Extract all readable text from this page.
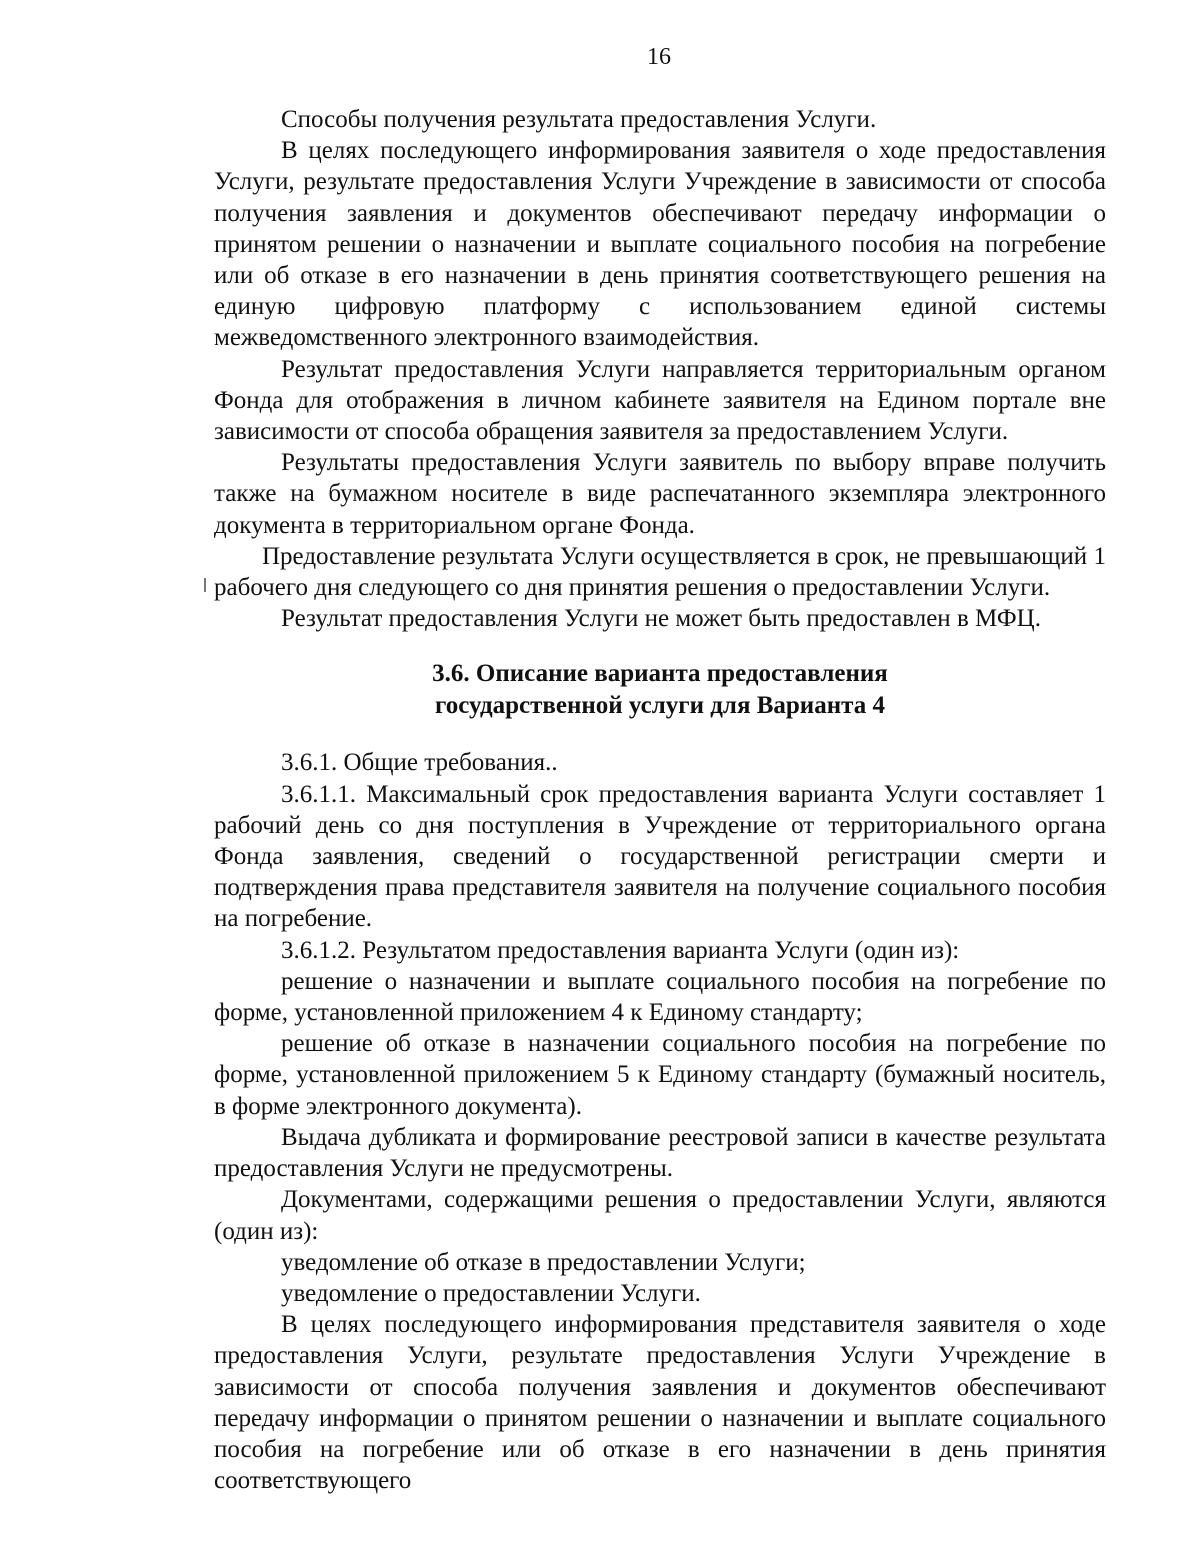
16

Способы получения результата предоставления Услуги.

В целях последующего информирования заявителя о ходе предоставления Услуги, результате предоставления Услуги Учреждение в зависимости от способа получения заявления и документов обеспечивают передачу информации о принятом решении о назначении и выплате социального пособия на погребение или об отказе в его назначении в день принятия соответствующего решения на единую цифровую платформу с использованием единой системы межведомственного электронного взаимодействия.

Результат предоставления Услуги направляется территориальным органом Фонда для отображения в личном кабинете заявителя на Едином портале вне зависимости от способа обращения заявителя за предоставлением Услуги.

Результаты предоставления Услуги заявитель по выбору вправе получить также на бумажном носителе в виде распечатанного экземпляра электронного документа в территориальном органе Фонда.

Предоставление результата Услуги осуществляется в срок, не превышающий 1 рабочего дня следующего со дня принятия решения о предоставлении Услуги.

Результат предоставления Услуги не может быть предоставлен в МФЦ.

3.6. Описание варианта предоставления
государственной услуги для Варианта 4

3.6.1. Общие требования..

3.6.1.1. Максимальный срок предоставления варианта Услуги составляет 1 рабочий день со дня поступления в Учреждение от территориального органа Фонда заявления, сведений о государственной регистрации смерти и подтверждения права представителя заявителя на получение социального пособия на погребение.

3.6.1.2. Результатом предоставления варианта Услуги (один из):

решение о назначении и выплате социального пособия на погребение по форме, установленной приложением 4 к Единому стандарту;

решение об отказе в назначении социального пособия на погребение по форме, установленной приложением 5 к Единому стандарту (бумажный носитель, в форме электронного документа).

Выдача дубликата и формирование реестровой записи в качестве результата предоставления Услуги не предусмотрены.

Документами, содержащими решения о предоставлении Услуги, являются (один из):

уведомление об отказе в предоставлении Услуги;

уведомление о предоставлении Услуги.

В целях последующего информирования представителя заявителя о ходе предоставления Услуги, результате предоставления Услуги Учреждение в зависимости от способа получения заявления и документов обеспечивают передачу информации о принятом решении о назначении и выплате социального пособия на погребение или об отказе в его назначении в день принятия соответствующего
